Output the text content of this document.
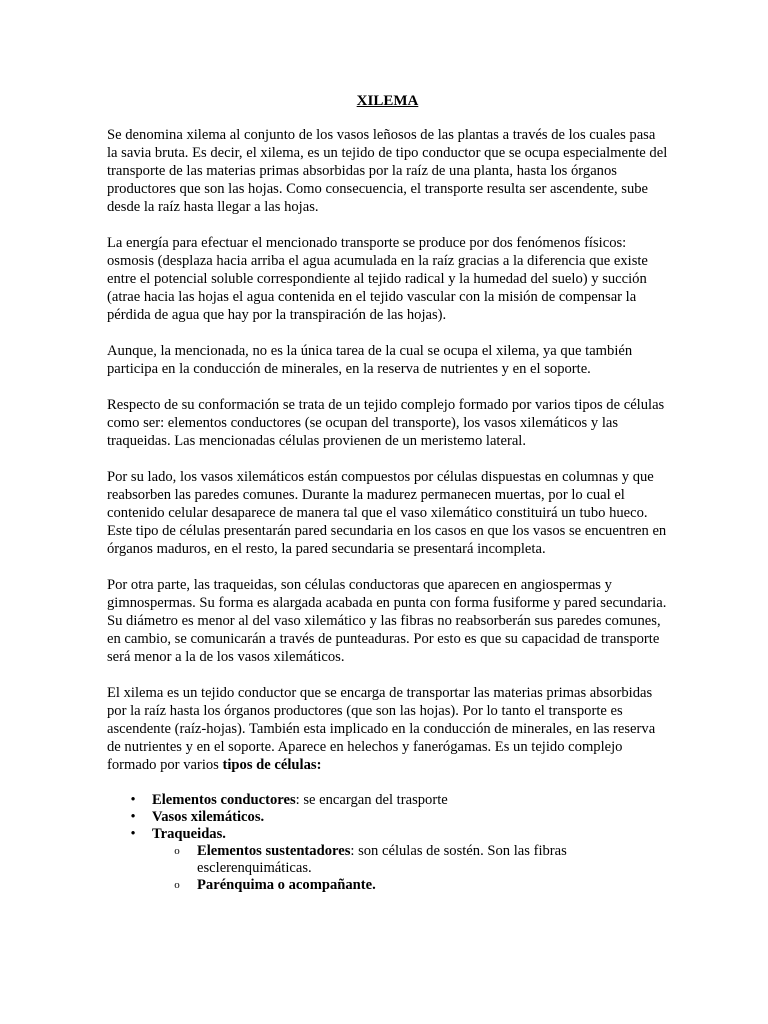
XILEMA

Se denomina xilema al conjunto de los vasos leñosos de las plantas a través de los cuales pasa la savia bruta. Es decir, el xilema, es un tejido de tipo conductor que se ocupa especialmente del transporte de las materias primas absorbidas por la raíz de una planta, hasta los órganos productores que son las hojas. Como consecuencia, el transporte resulta ser ascendente, sube desde la raíz hasta llegar a las hojas.

La energía para efectuar el mencionado transporte se produce por dos fenómenos físicos: osmosis (desplaza hacia arriba el agua acumulada en la raíz gracias a la diferencia que existe entre el potencial soluble correspondiente al tejido radical y la humedad del suelo) y succión (atrae hacia las hojas el agua contenida en el tejido vascular con la misión de compensar la pérdida de agua que hay por la transpiración de las hojas).

Aunque, la mencionada, no es la única tarea de la cual se ocupa el xilema, ya que también participa en la conducción de minerales, en la reserva de nutrientes y en el soporte.

Respecto de su conformación se trata de un tejido complejo formado por varios tipos de células como ser: elementos conductores (se ocupan del transporte), los vasos xilemáticos y las traqueidas. Las mencionadas células provienen de un meristemo lateral.

Por su lado, los vasos xilemáticos están compuestos por células dispuestas en columnas y que reabsorben las paredes comunes. Durante la madurez permanecen muertas, por lo cual el contenido celular desaparece de manera tal que el vaso xilemático constituirá un tubo hueco. Este tipo de células presentarán pared secundaria en los casos en que los vasos se encuentren en órganos maduros, en el resto, la pared secundaria se presentará incompleta.

Por otra parte, las traqueidas, son células conductoras que aparecen en angiospermas y gimnospermas. Su forma es alargada acabada en punta con forma fusiforme y pared secundaria. Su diámetro es menor al del vaso xilemático y las fibras no reabsorberán sus paredes comunes, en cambio, se comunicarán a través de punteaduras. Por esto es que su capacidad de transporte será menor a la de los vasos xilemáticos.

El xilema es un tejido conductor que se encarga de transportar las materias primas absorbidas por la raíz hasta los órganos productores (que son las hojas). Por lo tanto el transporte es ascendente (raíz-hojas). También esta implicado en la conducción de minerales, en las reserva de nutrientes y en el soporte. Aparece en helechos y fanerógamas. Es un tejido complejo formado por varios tipos de células:

• Elementos conductores: se encargan del trasporte
• Vasos xilemáticos.
• Traqueidas.
o Elementos sustentadores: son células de sostén. Son las fibras esclerenquimáticas.
o Parénquima o acompañante.
